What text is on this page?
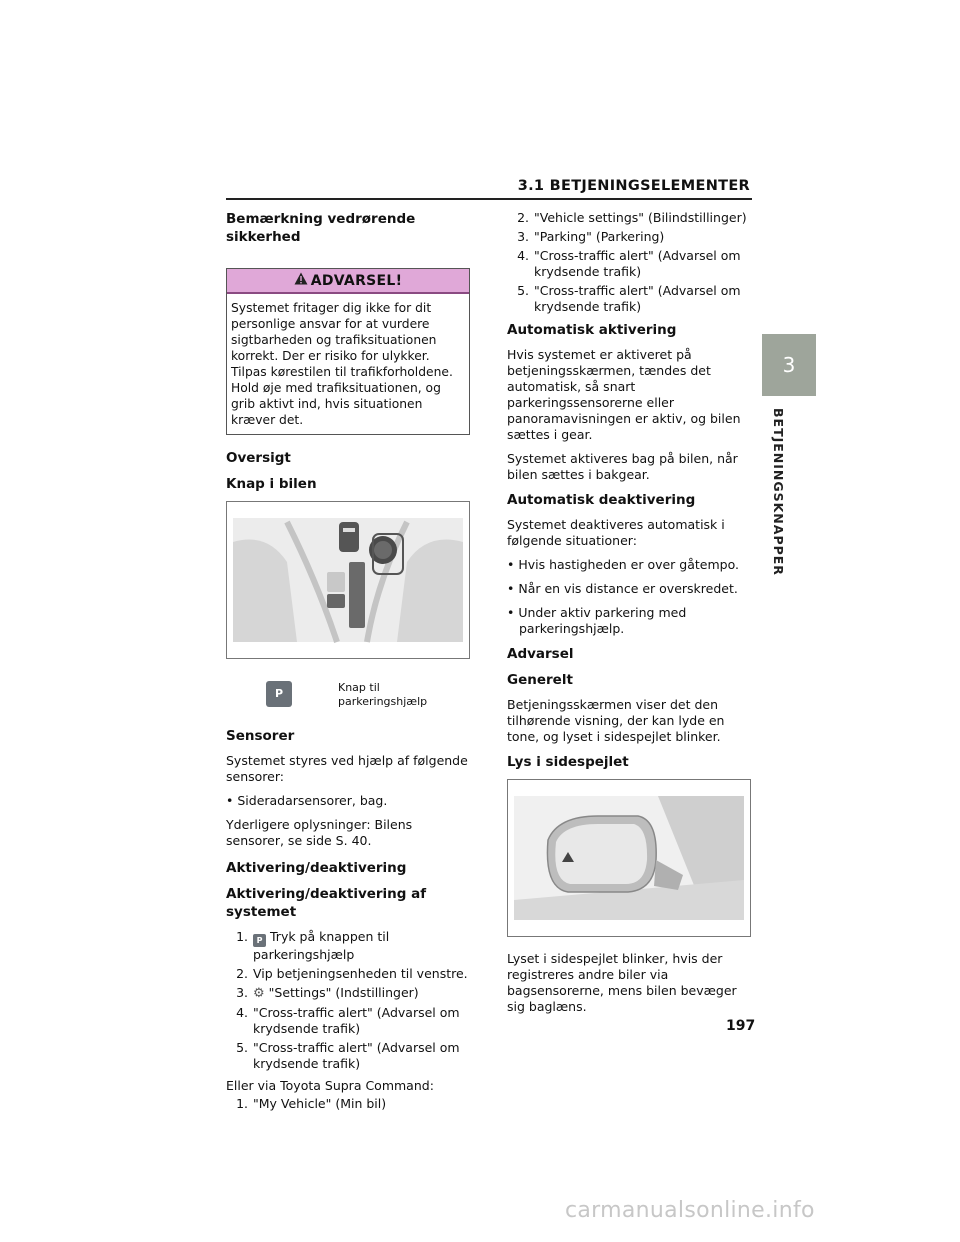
3.1 BETJENINGSELEMENTER
Bemærkning vedrørende sikkerhed
ADVARSEL!
Systemet fritager dig ikke for dit personlige ansvar for at vurdere sigtbarheden og trafiksituationen korrekt. Der er risiko for ulykker. Tilpas kørestilen til trafikforholdene. Hold øje med trafiksituationen, og grib aktivt ind, hvis situationen kræver det.
Oversigt
Knap i bilen
P	Knap til parkeringshjælp
Sensorer

Systemet styres ved hjælp af følgende sensorer:

• Sideradarsensorer, bag.

Yderligere oplysninger: Bilens sensorer, se side S. 40.

Aktivering/deaktivering
Aktivering/deaktivering af systemet
1.	P Tryk på knappen til parkeringshjælp
2. Vip betjeningsenheden til venstre.
3. ⚙ "Settings" (Indstillinger)
4. "Cross-traffic alert" (Advarsel om krydsende trafik)
5. "Cross-traffic alert" (Advarsel om krydsende trafik)

Eller via Toyota Supra Command:

1. "My Vehicle" (Min bil)
2. "Vehicle settings" (Bilindstillinger)
3. "Parking" (Parkering)
4. "Cross-traffic alert" (Advarsel om krydsende trafik)
5. "Cross-traffic alert" (Advarsel om krydsende trafik)
Automatisk aktivering

Hvis systemet er aktiveret på betjeningsskærmen, tændes det automatisk, så snart parkeringssensorerne eller panoramavisningen er aktiv, og bilen sættes i gear.

Systemet aktiveres bag på bilen, når bilen sættes i bakgear.

Automatisk deaktivering

Systemet deaktiveres automatisk i følgende situationer:

• Hvis hastigheden er over gåtempo.

• Når en vis distance er overskredet.

• Under aktiv parkering med parkeringshjælp.

Advarsel
Generelt

Betjeningsskærmen viser det den tilhørende visning, der kan lyde en tone, og lyset i sidespejlet blinker.

Lys i sidespejlet

Lyset i sidespejlet blinker, hvis der registreres andre biler via bagsensorerne, mens bilen bevæger sig baglæns.

3
BETJENINGSKNAPPER
197
carmanualsonline.info
